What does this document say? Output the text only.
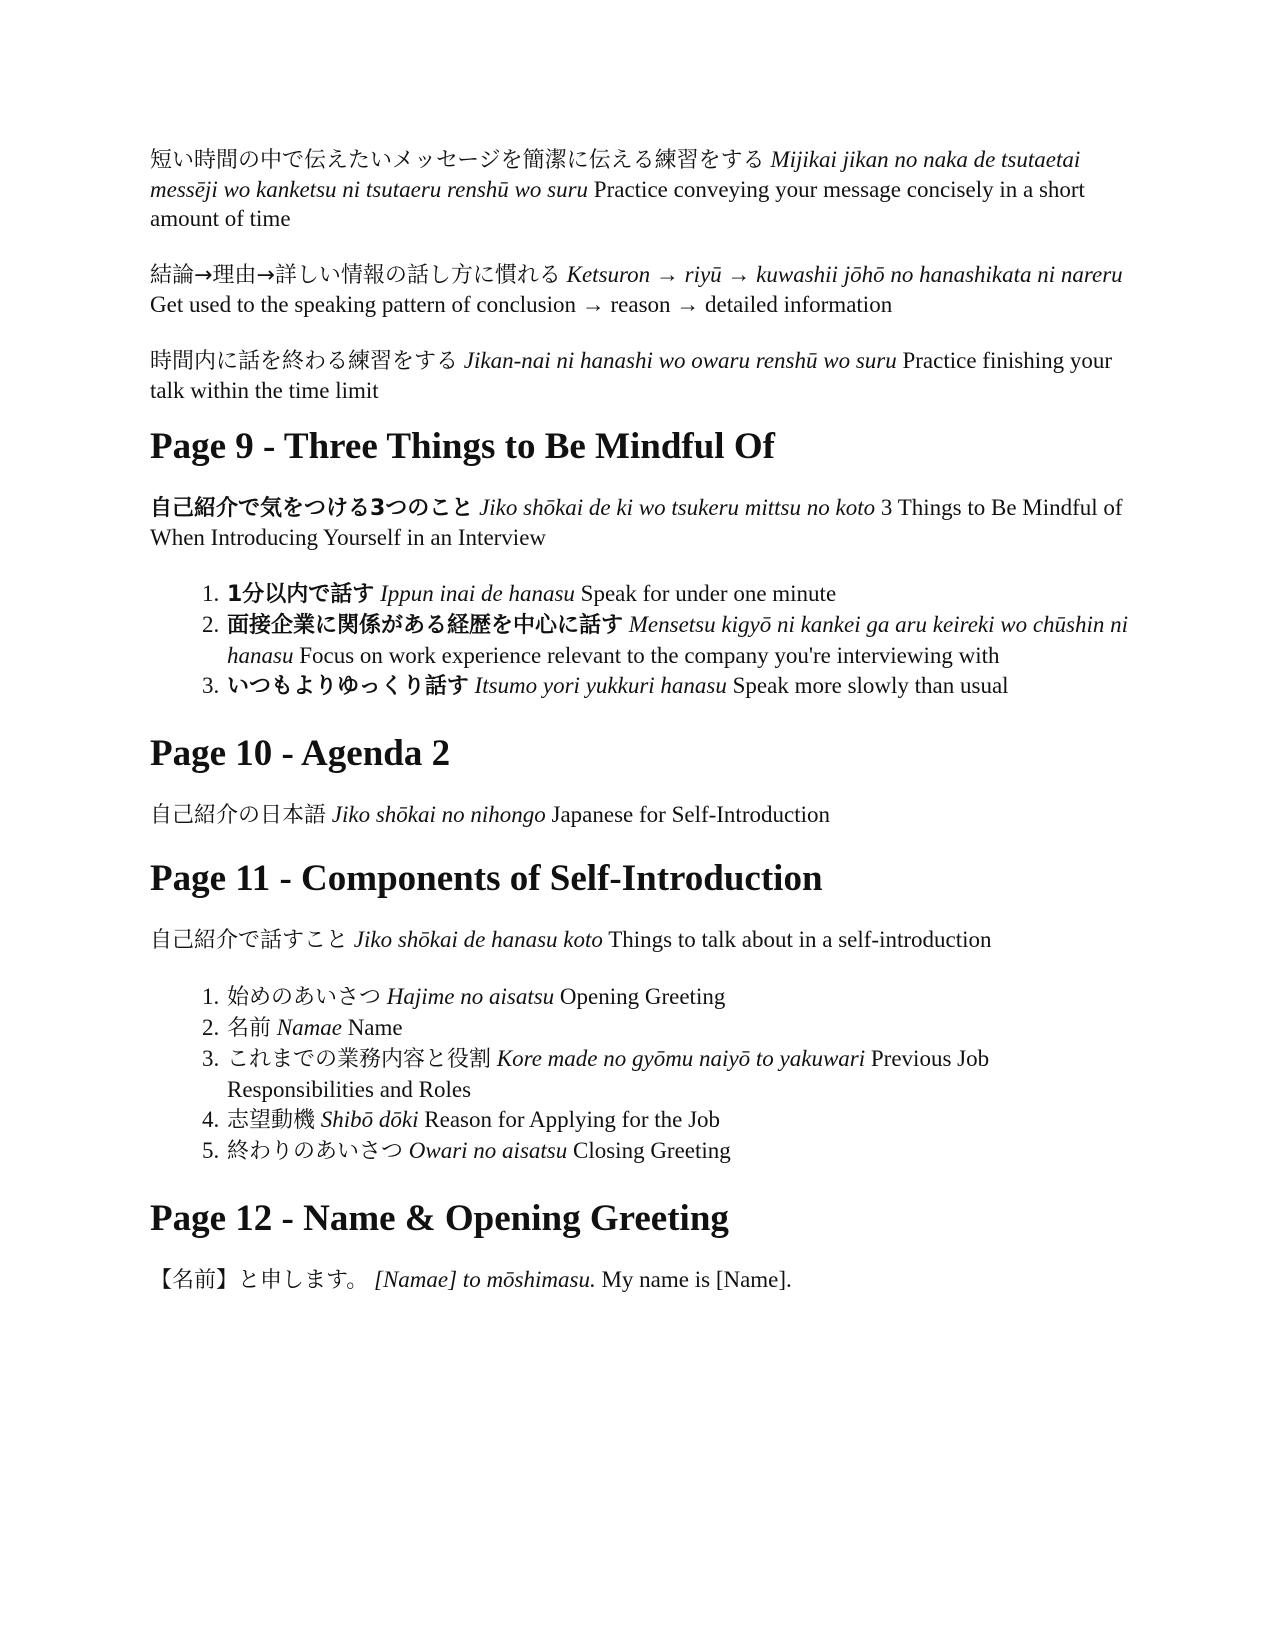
短い時間の中で伝えたいメッセージを簡潔に伝える練習をする Mijikai jikan no naka de tsutaetai messēji wo kanketsu ni tsutaeru renshū wo suru Practice conveying your message concisely in a short amount of time

結論→理由→詳しい情報の話し方に慣れる Ketsuron → riyū → kuwashii jōhō no hanashikata ni nareru Get used to the speaking pattern of conclusion → reason → detailed information

時間内に話を終わる練習をする Jikan-nai ni hanashi wo owaru renshū wo suru Practice finishing your talk within the time limit

Page 9 - Three Things to Be Mindful Of

自己紹介で気をつける3つのこと Jiko shōkai de ki wo tsukeru mittsu no koto 3 Things to Be Mindful of When Introducing Yourself in an Interview

1. 1分以内で話す Ippun inai de hanasu Speak for under one minute
2. 面接企業に関係がある経歴を中心に話す Mensetsu kigyō ni kankei ga aru keireki wo chūshin ni hanasu Focus on work experience relevant to the company you're interviewing with
3. いつもよりゆっくり話す Itsumo yori yukkuri hanasu Speak more slowly than usual
Page 10 - Agenda 2

自己紹介の日本語 Jiko shōkai no nihongo Japanese for Self-Introduction

Page 11 - Components of Self-Introduction

自己紹介で話すこと Jiko shōkai de hanasu koto Things to talk about in a self-introduction

1. 始めのあいさつ Hajime no aisatsu Opening Greeting
2. 名前 Namae Name
3. これまでの業務内容と役割 Kore made no gyōmu naiyō to yakuwari Previous Job Responsibilities and Roles
4. 志望動機 Shibō dōki Reason for Applying for the Job
5. 終わりのあいさつ Owari no aisatsu Closing Greeting
Page 12 - Name & Opening Greeting

【名前】と申します。 [Namae] to mōshimasu. My name is [Name].
